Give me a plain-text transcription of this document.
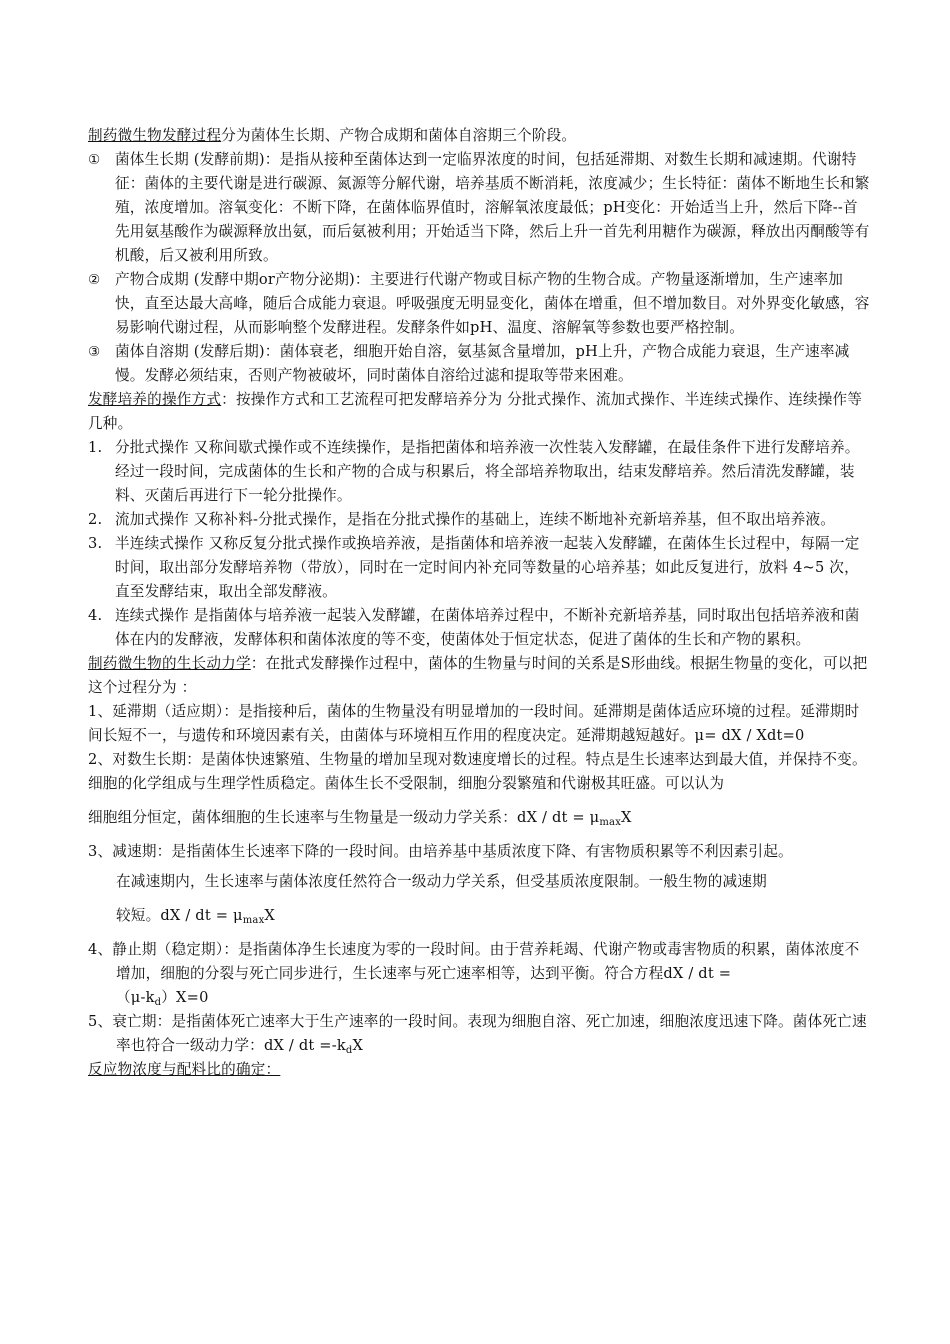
制药微生物发酵过程分为菌体生长期、产物合成期和菌体自溶期三个阶段。

①	菌体生长期 (发酵前期)：是指从接种至菌体达到一定临界浓度的时间，包括延滞期、对数生长期和减速期。代谢特征：菌体的主要代谢是进行碳源、氮源等分解代谢，培养基质不断消耗，浓度减少；生长特征：菌体不断地生长和繁殖，浓度增加。溶氧变化：不断下降，在菌体临界值时，溶解氧浓度最低；pH变化：开始适当上升，然后下降--首先用氨基酸作为碳源释放出氨，而后氨被利用；开始适当下降，然后上升一首先利用糖作为碳源，释放出丙酮酸等有机酸，后又被利用所致。
②	产物合成期 (发酵中期or产物分泌期)：主要进行代谢产物或目标产物的生物合成。产物量逐渐增加，生产速率加快，直至达最大高峰，随后合成能力衰退。呼吸强度无明显变化，菌体在增重，但不增加数目。对外界变化敏感，容易影响代谢过程，从而影响整个发酵进程。发酵条件如pH、温度、溶解氧等参数也要严格控制。
③	菌体自溶期 (发酵后期)：菌体衰老，细胞开始自溶，氨基氮含量增加，pH上升，产物合成能力衰退，生产速率减慢。发酵必须结束，否则产物被破坏，同时菌体自溶给过滤和提取等带来困难。

发酵培养的操作方式：按操作方式和工艺流程可把发酵培养分为 分批式操作、流加式操作、半连续式操作、连续操作等几种。

1. 分批式操作 又称间歇式操作或不连续操作，是指把菌体和培养液一次性装入发酵罐，在最佳条件下进行发酵培养。经过一段时间，完成菌体的生长和产物的合成与积累后，将全部培养物取出，结束发酵培养。然后清洗发酵罐，装料、灭菌后再进行下一轮分批操作。
2. 流加式操作 又称补料-分批式操作，是指在分批式操作的基础上，连续不断地补充新培养基，但不取出培养液。
3. 半连续式操作 又称反复分批式操作或换培养液，是指菌体和培养液一起装入发酵罐，在菌体生长过程中，每隔一定时间，取出部分发酵培养物（带放），同时在一定时间内补充同等数量的心培养基；如此反复进行，放料 4~5 次，直至发酵结束，取出全部发酵液。
4. 连续式操作 是指菌体与培养液一起装入发酵罐，在菌体培养过程中，不断补充新培养基，同时取出包括培养液和菌体在内的发酵液，发酵体积和菌体浓度的等不变，使菌体处于恒定状态，促进了菌体的生长和产物的累积。

制药微生物的生长动力学：在批式发酵操作过程中，菌体的生物量与时间的关系是S形曲线。根据生物量的变化，可以把这个过程分为 ：

1、延滞期（适应期）：是指接种后，菌体的生物量没有明显增加的一段时间。延滞期是菌体适应环境的过程。延滞期时间长短不一，与遗传和环境因素有关，由菌体与环境相互作用的程度决定。延滞期越短越好。μ= dX / Xdt=0

2、对数生长期：是菌体快速繁殖、生物量的增加呈现对数速度增长的过程。特点是生长速率达到最大值，并保持不变。细胞的化学组成与生理学性质稳定。菌体生长不受限制，细胞分裂繁殖和代谢极其旺盛。可以认为

细胞组分恒定，菌体细胞的生长速率与生物量是一级动力学关系：dX / dt = $\mu_{max}X$

3、减速期：是指菌体生长速率下降的一段时间。由培养基中基质浓度下降、有害物质积累等不利因素引起。

在减速期内，生长速率与菌体浓度任然符合一级动力学关系，但受基质浓度限制。一般生物的减速期

较短。dX / dt = $\mu_{max}X$

4、静止期（稳定期）：是指菌体净生长速度为零的一段时间。由于营养耗竭、代谢产物或毒害物质的积累，菌体浓度不增加，细胞的分裂与死亡同步进行，生长速率与死亡速率相等，达到平衡。符合方程dX / dt =
$(\mu-k_d)X=0$

5、衰亡期：是指菌体死亡速率大于生产速率的一段时间。表现为细胞自溶、死亡加速，细胞浓度迅速下降。菌体死亡速率也符合一级动力学：dX / dt $=-k_dX$

反应物浓度与配料比的确定：
